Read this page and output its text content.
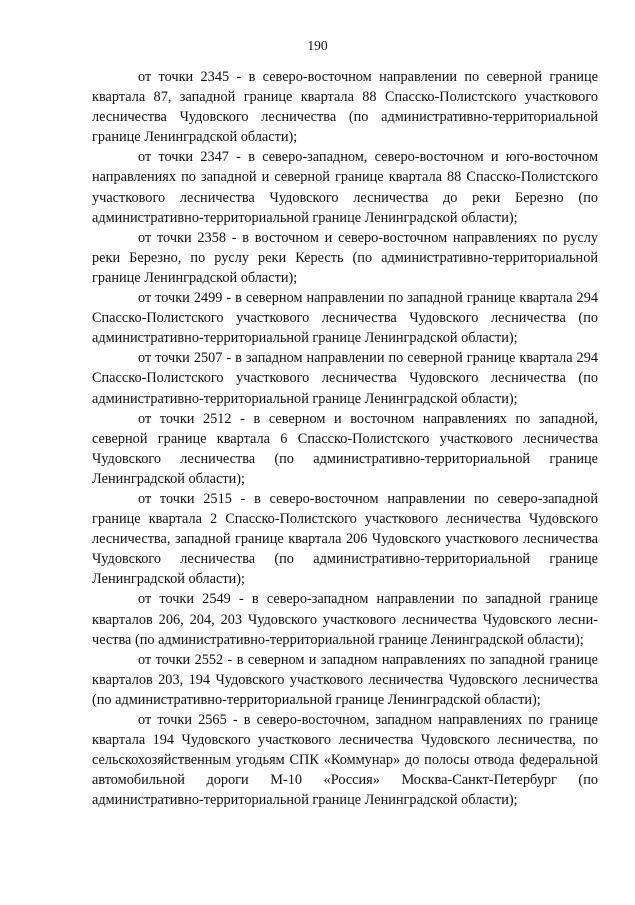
190

от точки 2345 - в северо-восточном направлении по северной границе квартала 87, западной границе квартала 88 Спасско-Полистского участкового лесничества Чудовского лесничества (по административно-территориальной границе Ленинградской области);

от точки 2347 - в северо-западном, северо-восточном и юго-восточном направлениях по западной и северной границе квартала 88 Спасско-Полистского участкового лесничества Чудовского лесничества до реки Березно (по административно-территориальной границе Ленинградской области);

от точки 2358 - в восточном и северо-восточном направлениях по руслу реки Березно, по руслу реки Кересть (по административно-территориальной границе Ленинградской области);

от точки 2499 - в северном направлении по западной границе квартала 294 Спасско-Полистского участкового лесничества Чудовского лесничества (по административно-территориальной границе Ленинградской области);

от точки 2507 - в западном направлении по северной границе квартала 294 Спасско-Полистского участкового лесничества Чудовского лесничества (по административно-территориальной границе Ленинградской области);

от точки 2512 - в северном и восточном направлениях по западной, северной границе квартала 6 Спасско-Полистского участкового лесничества Чудовского лесничества (по административно-территориальной границе Ленинградской области);

от точки 2515 - в северо-восточном направлении по северо-западной границе квартала 2 Спасско-Полистского участкового лесничества Чудовского лесничества, западной границе квартала 206 Чудовского участкового лесничества Чудовского лесничества (по административно-территориальной границе Ленинградской области);

от точки 2549 - в северо-западном направлении по западной границе кварталов 206, 204, 203 Чудовского участкового лесничества Чудовского лесничества (по административно-территориальной границе Ленинградской области);

от точки 2552 - в северном и западном направлениях по западной границе кварталов 203, 194 Чудовского участкового лесничества Чудовского лесничества (по административно-территориальной границе Ленинградской области);

от точки 2565 - в северо-восточном, западном направлениях по границе квартала 194 Чудовского участкового лесничества Чудовского лесничества, по сельскохозяйственным угодьям СПК «Коммунар» до полосы отвода федеральной автомобильной дороги М-10 «Россия» Москва-Санкт-Петербург (по административно-территориальной границе Ленинградской области);
